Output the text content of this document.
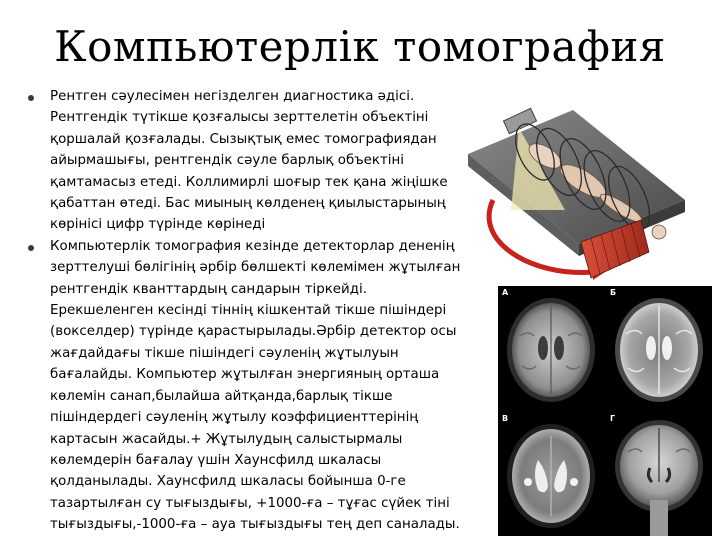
Компьютерлік томография
Рентген сәулесімен негізделген диагностика әдісі.
Рентгендік түтікше қозғалысы зерттелетін объектіні
қоршалай қозғалады. Сызықтық емес томографиядан
айырмашығы, рентгендік сәуле барлық объектіні
қамтамасыз етеді. Коллимирлі шоғыр тек қана жіңішке
қабаттан өтеді. Бас миының көлденең қиылыстарының
көрінісі цифр түрінде көрінеді
Компьютерлік томография кезінде детекторлар дененің
зерттелуші бөлігінің әрбір бөлшекті көлемімен жұтылған
рентгендік кванттардың сандарын тіркейді.
Ерекшеленген кесінді тіннің кішкентай тікше пішіндері
(вокселдер) түрінде қарастырылады.Әрбір детектор осы
жағдайдағы тікше пішіндегі сәуленің жұтылуын
бағалайды. Компьютер жұтылған энергияның орташа
көлемін санап,былайша айтқанда,барлық тікше
пішіндердегі сәуленің жұтылу коэффициенттерінің
картасын жасайды.+ Жұтылудың салыстырмалы
көлемдерін бағалау үшін Хаунсфилд шкаласы
қолданылады. Хаунсфилд шкаласы бойынша 0-ге
тазартылған су тығыздығы, +1000-ға – тұғас сүйек тіні
тығыздығы,-1000-ға – ауа тығыздығы тең деп саналады.
А	Б
В	Г
